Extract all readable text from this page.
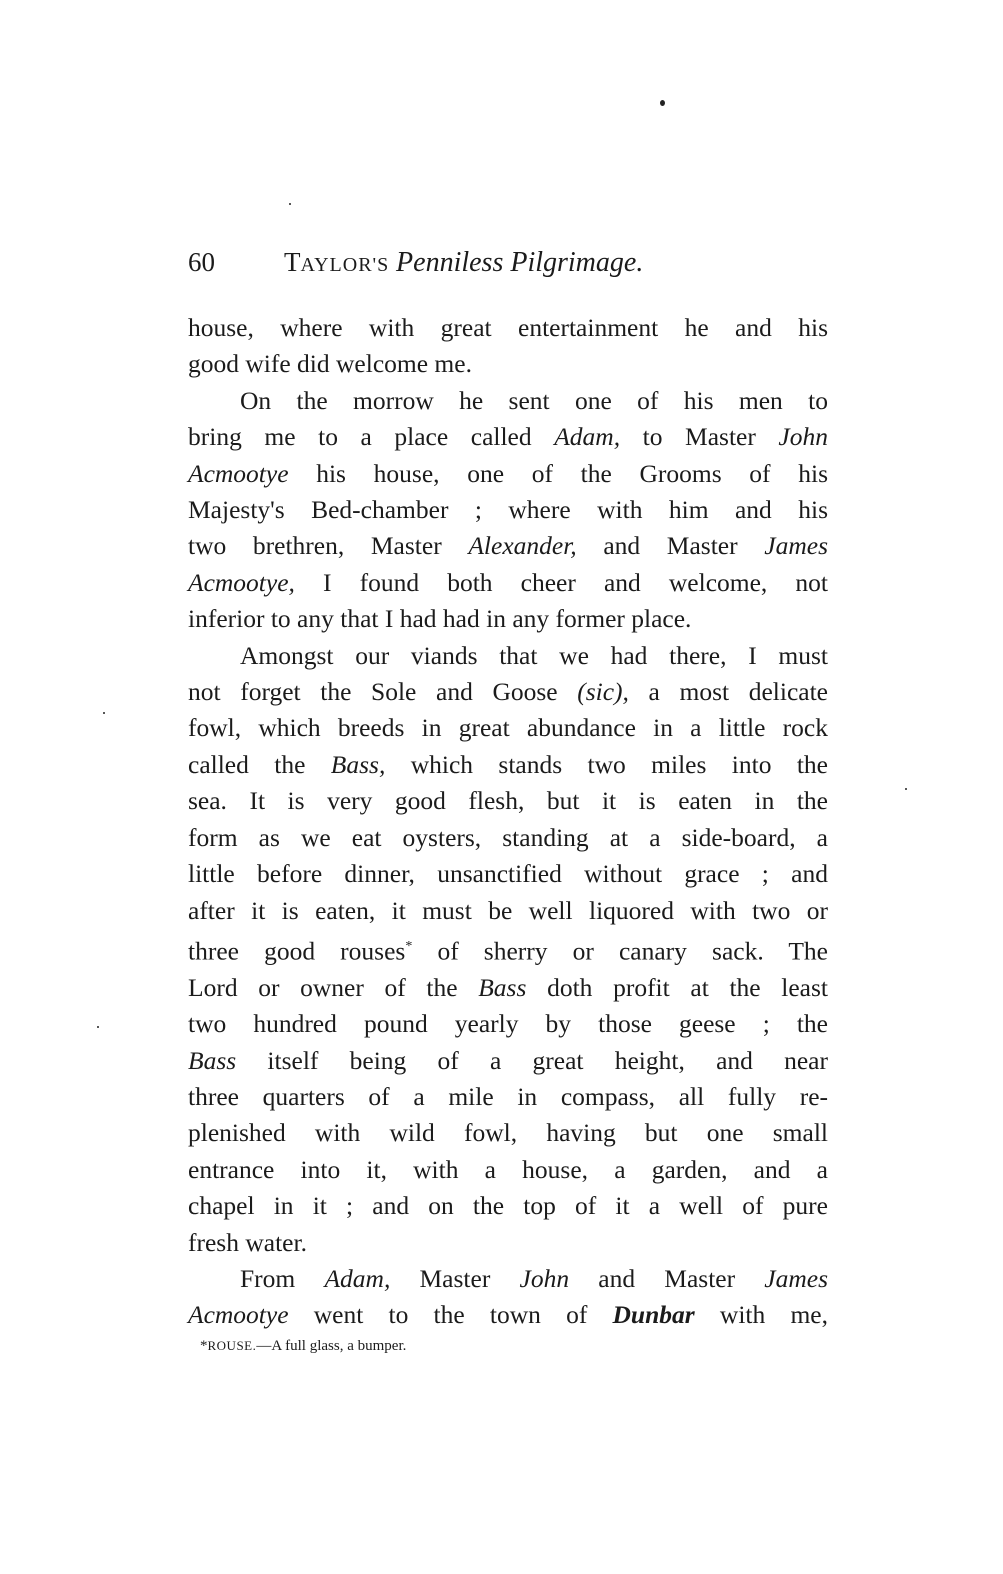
60	TAYLOR'S Penniless Pilgrimage.

house, where with great entertainment he and his
good wife did welcome me.

On the morrow he sent one of his men to
bring me to a place called Adam, to Master John
Acmootye his house, one of the Grooms of his
Majesty's Bed-chamber ; where with him and his
two brethren, Master Alexander, and Master James
Acmootye, I found both cheer and welcome, not
inferior to any that I had had in any former place.

Amongst our viands that we had there, I must
not forget the Sole and Goose (sic), a most delicate
fowl, which breeds in great abundance in a little rock
called the Bass, which stands two miles into the
sea. It is very good flesh, but it is eaten in the
form as we eat oysters, standing at a side-board, a
little before dinner, unsanctified without grace ; and
after it is eaten, it must be well liquored with two or
three good rouses* of sherry or canary sack. The
Lord or owner of the Bass doth profit at the least
two hundred pound yearly by those geese ; the
Bass itself being of a great height, and near
three quarters of a mile in compass, all fully re-
plenished with wild fowl, having but one small
entrance into it, with a house, a garden, and a
chapel in it ; and on the top of it a well of pure
fresh water.

From Adam, Master John and Master James
Acmootye went to the town of Dunbar with me,

*ROUSE.—A full glass, a bumper.
